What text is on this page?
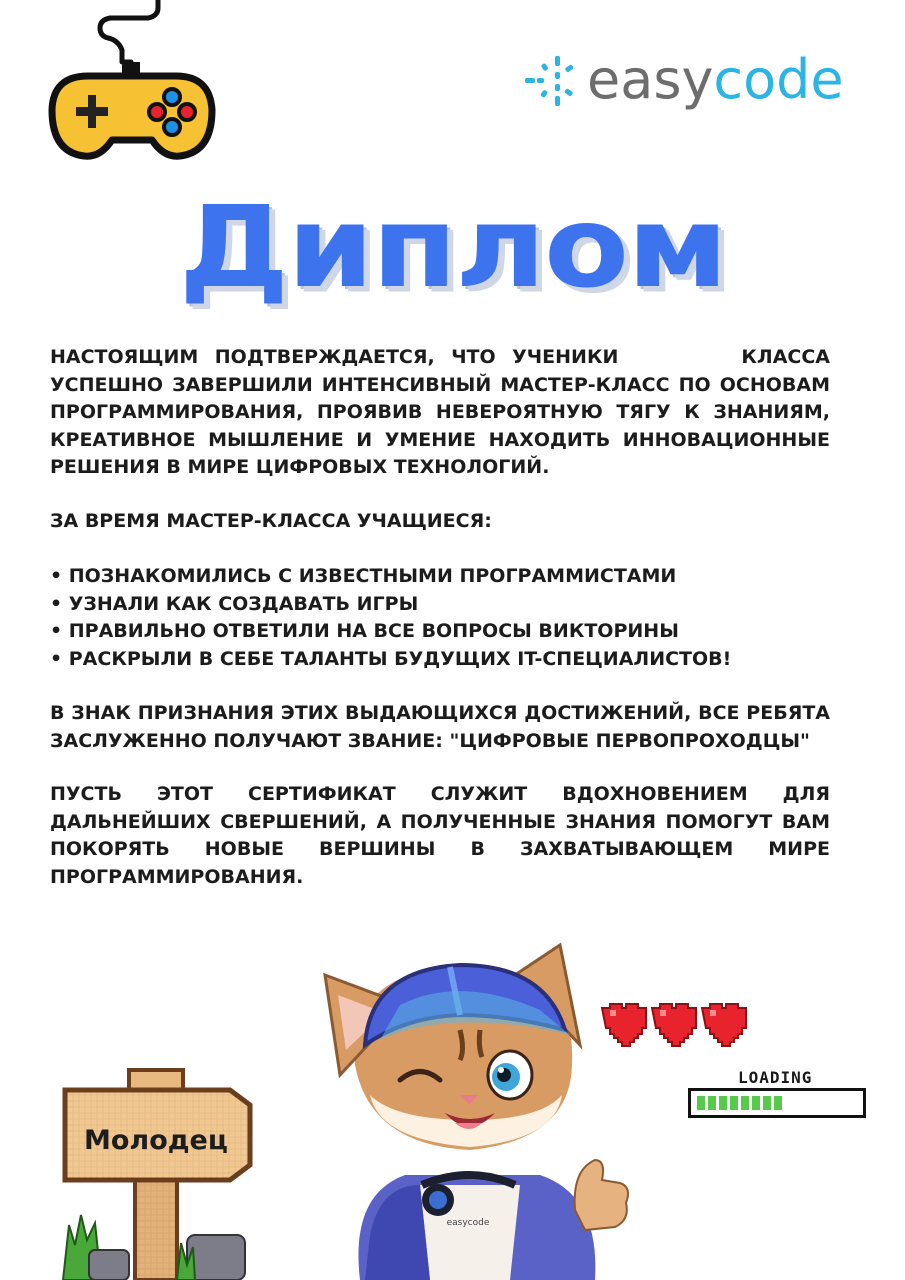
easycode
Диплом

НАСТОЯЩИМ ПОДТВЕРЖДАЕТСЯ, ЧТО УЧЕНИКИ	КЛАССА УСПЕШНО ЗАВЕРШИЛИ ИНТЕНСИВНЫЙ МАСТЕР-КЛАСС ПО ОСНОВАМ ПРОГРАММИРОВАНИЯ, ПРОЯВИВ НЕВЕРОЯТНУЮ ТЯГУ К ЗНАНИЯМ, КРЕАТИВНОЕ МЫШЛЕНИЕ И УМЕНИЕ НАХОДИТЬ ИННОВАЦИОННЫЕ РЕШЕНИЯ В МИРЕ ЦИФРОВЫХ ТЕХНОЛОГИЙ.

ЗА ВРЕМЯ МАСТЕР-КЛАССА УЧАЩИЕСЯ:

• ПОЗНАКОМИЛИСЬ С ИЗВЕСТНЫМИ ПРОГРАММИСТАМИ
• УЗНАЛИ КАК СОЗДАВАТЬ ИГРЫ
• ПРАВИЛЬНО ОТВЕТИЛИ НА ВСЕ ВОПРОСЫ ВИКТОРИНЫ
• РАСКРЫЛИ В СЕБЕ ТАЛАНТЫ БУДУЩИХ IT-СПЕЦИАЛИСТОВ!

В ЗНАК ПРИЗНАНИЯ ЭТИХ ВЫДАЮЩИХСЯ ДОСТИЖЕНИЙ, ВСЕ РЕБЯТА ЗАСЛУЖЕННО ПОЛУЧАЮТ ЗВАНИЕ: "ЦИФРОВЫЕ ПЕРВОПРОХОДЦЫ"

ПУСТЬ ЭТОТ СЕРТИФИКАТ СЛУЖИТ ВДОХНОВЕНИЕМ ДЛЯ ДАЛЬНЕЙШИХ СВЕРШЕНИЙ, А ПОЛУЧЕННЫЕ ЗНАНИЯ ПОМОГУТ ВАМ ПОКОРЯТЬ НОВЫЕ ВЕРШИНЫ В ЗАХВАТЫВАЮЩЕМ МИРЕ ПРОГРАММИРОВАНИЯ.

LOADING
Молодец
easycode
